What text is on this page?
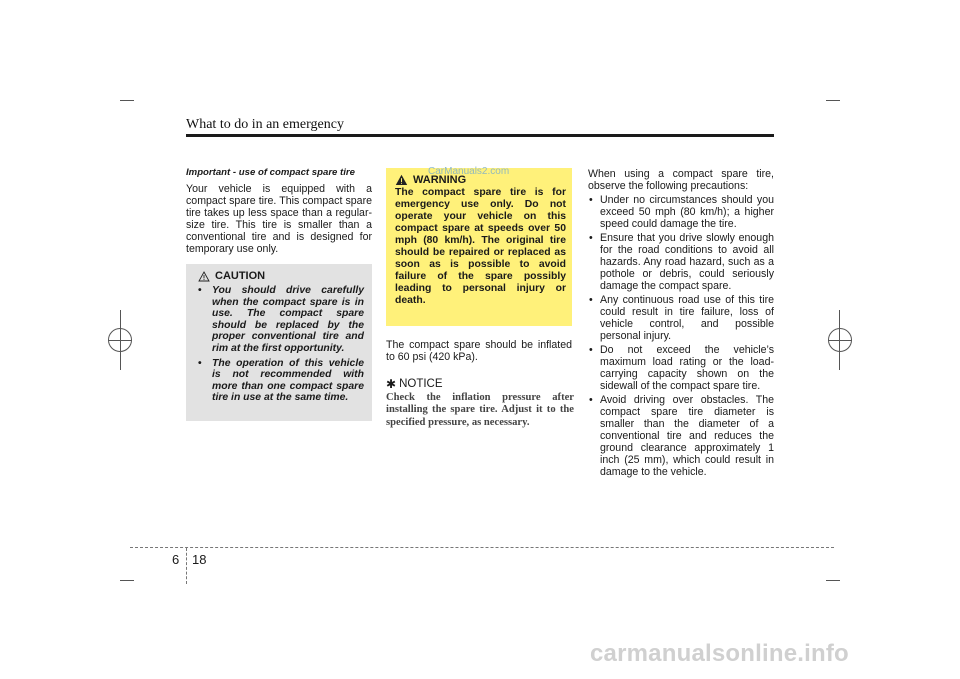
What to do in an emergency
Important - use of compact spare tire

Your vehicle is equipped with a compact spare tire. This compact spare tire takes up less space than a regular-size tire. This tire is smaller than a conventional tire and is designed for temporary use only.

CAUTION
• You should drive carefully when the compact spare is in use. The compact spare should be replaced by the proper conventional tire and rim at the first opportunity.
• The operation of this vehicle is not recommended with more than one compact spare tire in use at the same time.
WARNING

The compact spare tire is for emergency use only. Do not operate your vehicle on this compact spare at speeds over 50 mph (80 km/h). The original tire should be repaired or replaced as soon as is possible to avoid failure of the spare possibly leading to personal injury or death.

CarManuals2.com

The compact spare should be inflated to 60 psi (420 kPa).

✱ NOTICE

Check the inflation pressure after installing the spare tire. Adjust it to the specified pressure, as necessary.

When using a compact spare tire, observe the following precautions:

• Under no circumstances should you exceed 50 mph (80 km/h); a higher speed could damage the tire.
• Ensure that you drive slowly enough for the road conditions to avoid all hazards. Any road hazard, such as a pothole or debris, could seriously damage the compact spare.
• Any continuous road use of this tire could result in tire failure, loss of vehicle control, and possible personal injury.
• Do not exceed the vehicle’s maximum load rating or the load-carrying capacity shown on the sidewall of the compact spare tire.
• Avoid driving over obstacles. The compact spare tire diameter is smaller than the diameter of a conventional tire and reduces the ground clearance approximately 1 inch (25 mm), which could result in damage to the vehicle.
6 18
carmanualsonline.info
